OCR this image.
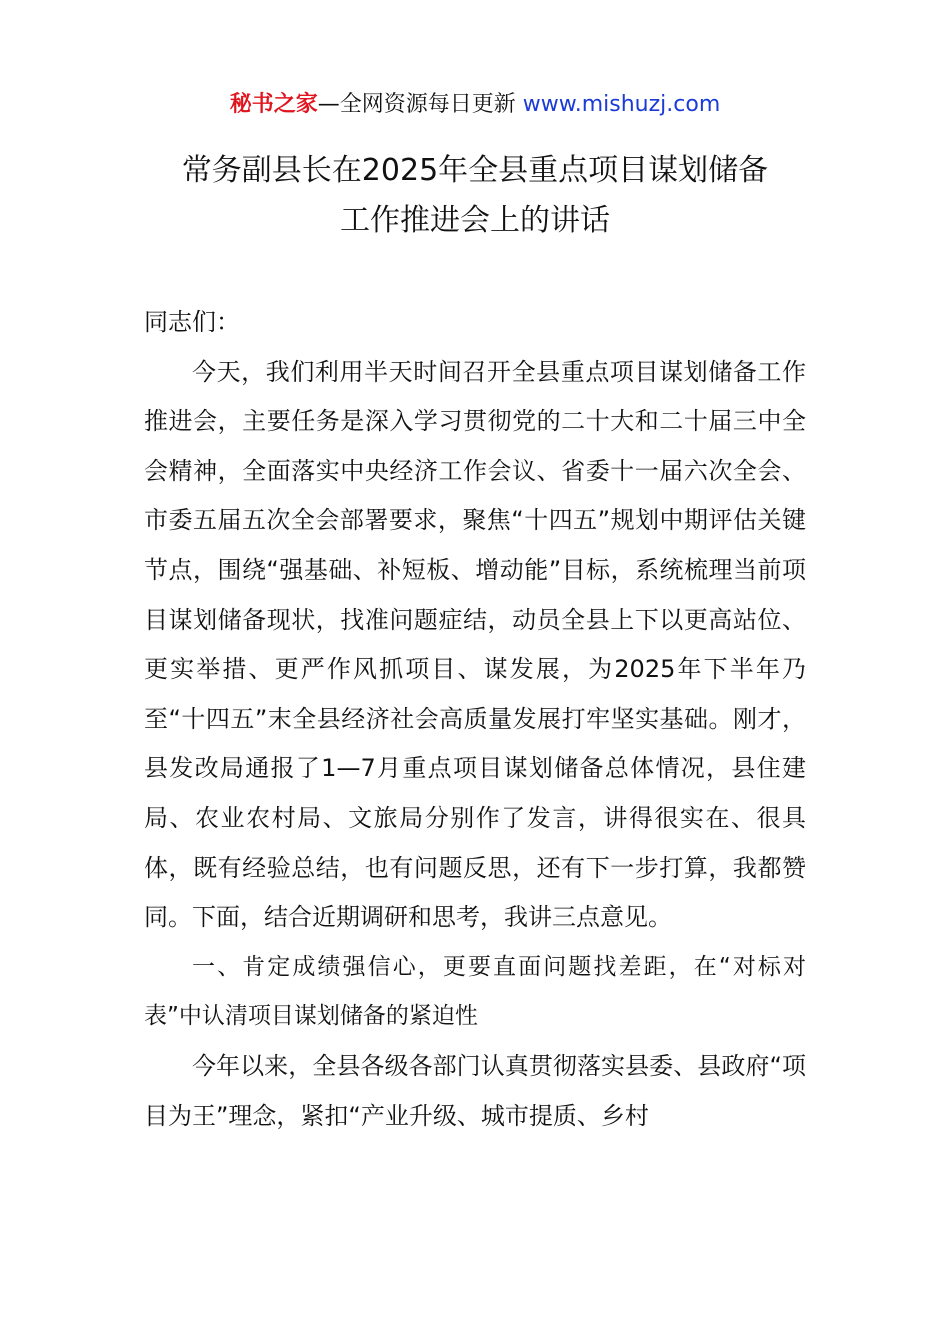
秘书之家—全网资源每日更新 www.mishuzj.com
常务副县长在2025年全县重点项目谋划储备
工作推进会上的讲话

同志们：

今天，我们利用半天时间召开全县重点项目谋划储备工作推进会，主要任务是深入学习贯彻党的二十大和二十届三中全会精神，全面落实中央经济工作会议、省委十一届六次全会、市委五届五次全会部署要求，聚焦“十四五”规划中期评估关键节点，围绕“强基础、补短板、增动能”目标，系统梳理当前项目谋划储备现状，找准问题症结，动员全县上下以更高站位、更实举措、更严作风抓项目、谋发展，为2025年下半年乃至“十四五”末全县经济社会高质量发展打牢坚实基础。刚才，县发改局通报了1—7月重点项目谋划储备总体情况，县住建局、农业农村局、文旅局分别作了发言，讲得很实在、很具体，既有经验总结，也有问题反思，还有下一步打算，我都赞同。下面，结合近期调研和思考，我讲三点意见。

一、肯定成绩强信心，更要直面问题找差距，在“对标对表”中认清项目谋划储备的紧迫性

今年以来，全县各级各部门认真贯彻落实县委、县政府“项目为王”理念，紧扣“产业升级、城市提质、乡村
